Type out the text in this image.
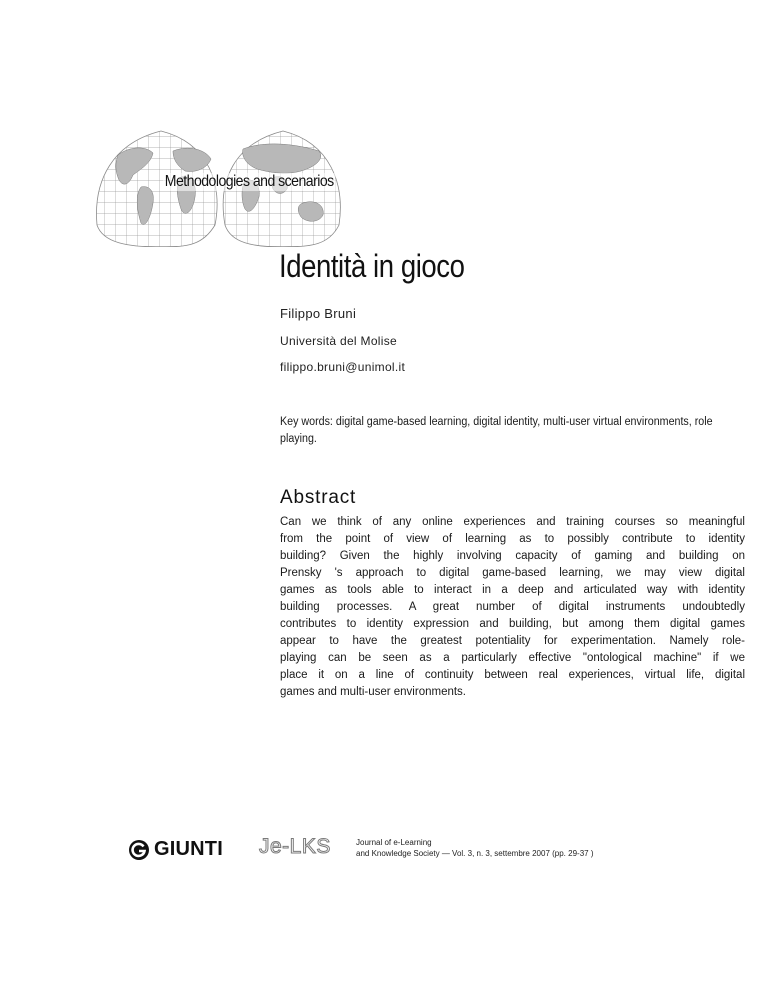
Methodologies and scenarios
Identità in gioco
Filippo Bruni
Università del Molise
filippo.bruni@unimol.it
Key words: digital game-based learning, digital identity, multi-user virtual environments, role playing.
Abstract
Can we think of any online experiences and training courses so meaningful
from the point of view of learning as to possibly contribute to identity
building? Given the highly involving capacity of gaming and building on
Prensky 's approach to digital game-based learning, we may view digital
games as tools able to interact in a deep and articulated way with identity
building processes. A great number of digital instruments undoubtedly
contributes to identity expression and building, but among them digital games
appear to have the greatest potentiality for experimentation. Namely role-
playing can be seen as a particularly effective "ontological machine" if we
place it on a line of continuity between real experiences, virtual life, digital
games and multi-user environments.
GIUNTI Je-LKS	Journal of e-Learning
and Knowledge Society — Vol. 3, n. 3, settembre 2007 (pp. 29-37 )
